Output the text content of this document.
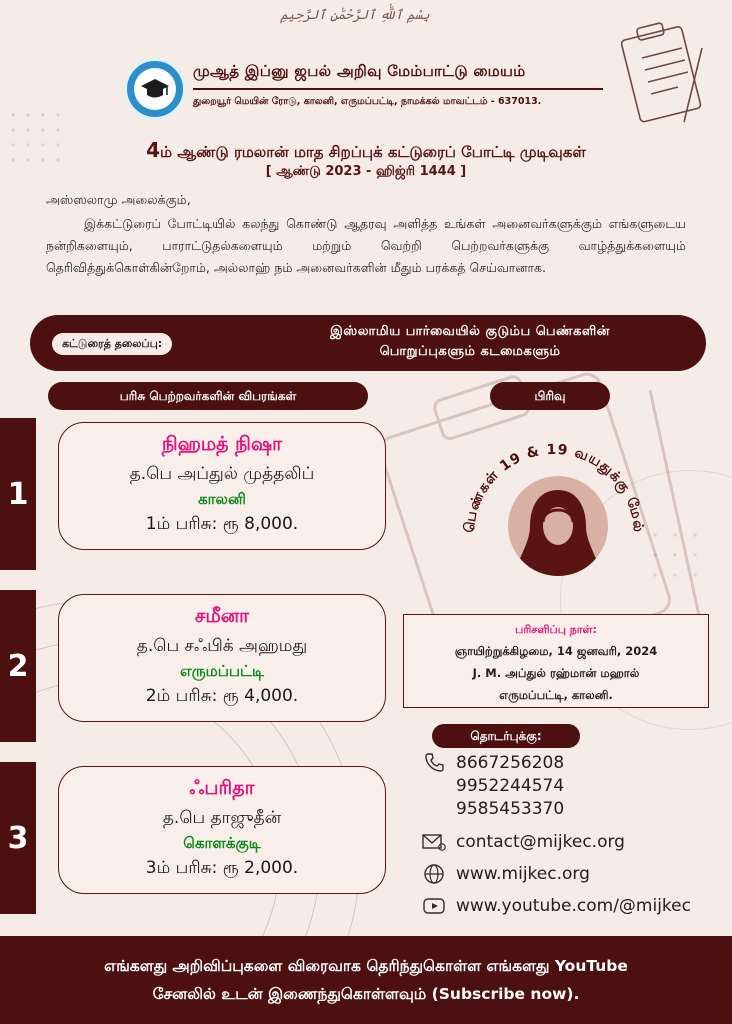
بِسْمِ ٱللَّٰهِ ٱلرَّحْمَٰنِ ٱلرَّحِيمِ
முஆத் இப்னு ஜபல் அறிவு மேம்பாட்டு மையம்
துறையூர் மெயின் ரோடு, காலனி, எருமப்பட்டி, நாமக்கல் மாவட்டம் - 637013.
4ம் ஆண்டு ரமலான் மாத சிறப்புக் கட்டுரைப் போட்டி முடிவுகள்
[ ஆண்டு 2023 - ஹிஜ்ரி 1444 ]
அஸ்ஸலாமு அலைக்கும்,
இக்கட்டுரைப் போட்டியில் கலந்து கொண்டு ஆதரவு அளித்த உங்கள் அனைவர்களுக்கும் எங்களுடைய நன்றிகளையும், பாராட்டுதல்களையும் மற்றும் வெற்றி பெற்றவர்களுக்கு வாழ்த்துக்களையும் தெரிவித்துக்கொள்கின்றோம், அல்லாஹ் நம் அனைவர்களின் மீதும் பரக்கத் செய்வானாக.
கட்டுரைத் தலைப்பு:
இஸ்லாமிய பார்வையில் குடும்ப பெண்களின்
பொறுப்புகளும் கடமைகளும்
பரிசு பெற்றவர்களின் விபரங்கள்	பிரிவு
1
2
3
நிஹமத் நிஷா
த.பெ அப்துல் முத்தலிப்
காலனி
1ம் பரிசு: ரூ 8,000.
சமீனா
த.பெ சஃபிக் அஹமது
எருமப்பட்டி
2ம் பரிசு: ரூ 4,000.
ஃபரிதா
த.பெ தாஜுதீன்
கொளக்குடி
3ம் பரிசு: ரூ 2,000.
பெண்கள் 19 & 19 வயதுக்கு மேல்
பரிசளிப்பு நாள்:
ஞாயிற்றுக்கிழமை, 14 ஜனவரி, 2024
J. M. அப்துல் ரஹ்மான் மஹால்
எருமப்பட்டி, காலனி.
தொடர்புக்கு:
8667256208
9952244574
9585453370
contact@mijkec.org
www.mijkec.org
www.youtube.com/@mijkec
எங்களது அறிவிப்புகளை விரைவாக தெரிந்துகொள்ள எங்களது YouTube
சேனலில் உடன் இணைந்துகொள்ளவும் (Subscribe now).
